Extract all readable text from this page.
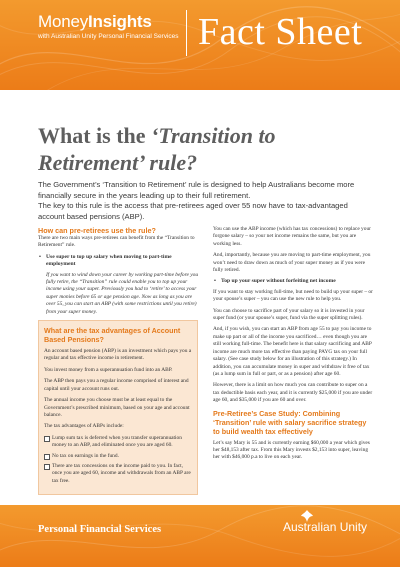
MoneyInsights
with Australian Unity Personal Financial Services Fact Sheet
What is the ‘Transition to Retirement’ rule?

The Government’s ‘Transition to Retirement’ rule is designed to help Australians become more financially secure in the years leading up to their full retirement.

The key to this rule is the access that pre-retirees aged over 55 now have to tax-advantaged account based pensions (ABP).

How can pre-retirees use the rule?

There are two main ways pre-retirees can benefit from the “Transition to Retirement” rule.

• Use super to top up salary when moving to part-time employment

If you want to wind down your career by working part-time before you fully retire, the “Transition” rule could enable you to top up your income using your super. Previously you had to ‘retire’ to access your super monies before 65 or age pension age. Now as long as you are over 55, you can start an ABP (with some restrictions until you retire) from your super money.

What are the tax advantages of Account Based Pensions?

An account based pension (ABP) is an investment which pays you a regular and tax effective income in retirement.

You invest money from a superannuation fund into an ABP.

The ABP then pays you a regular income comprised of interest and capital until your account runs out.

The annual income you choose must be at least equal to the Government’s prescribed minimum, based on your age and account balance.

The tax advantages of ABPs include:

Lump sum tax is deferred when you transfer superannuation money to an ABP, and eliminated once you are aged 60.
No tax on earnings in the fund.
There are tax concessions on the income paid to you. In fact, once you are aged 60, income and withdrawals from an ABP are tax free.

You can use the ABP income (which has tax concessions) to replace your forgone salary – so your net income remains the same, but you are working less.

And, importantly, because you are moving to part-time employment, you won’t need to draw down as much of your super money as if you were fully retired.

• Top up your super without forfeiting net income

If you want to stay working full-time, but need to build up your super – or your spouse’s super – you can use the new rule to help you.

You can choose to sacrifice part of your salary so it is invested in your super fund (or your spouse’s super, fund via the super splitting rules).

And, if you wish, you can start an ABP from age 55 to pay you income to make up part or all of the income you sacrificed… even though you are still working full-time. The benefit here is that salary sacrificing and ABP income are much more tax effective than paying PAYG tax on your full salary. (See case study below for an illustration of this strategy.) In addition, you can accumulate money in super and withdraw it free of tax (as a lump sum in full or part, or as a pension) after age 60.

However, there is a limit on how much you can contribute to super on a tax deductible basis each year, and it is currently $25,000 if you are under age 60, and $35,000 if you are 60 and over.

Pre-Retiree’s Case Study: Combining ‘Transition’ rule with salary sacrifice strategy to build wealth tax effectively

Let’s say Mary is 55 and is currently earning $60,000 a year which gives her $48,153 after tax. From this Mary invests $2,153 into super, leaving her with $46,000 p.a to live on each year.

Personal Financial Services	Australian Unity
